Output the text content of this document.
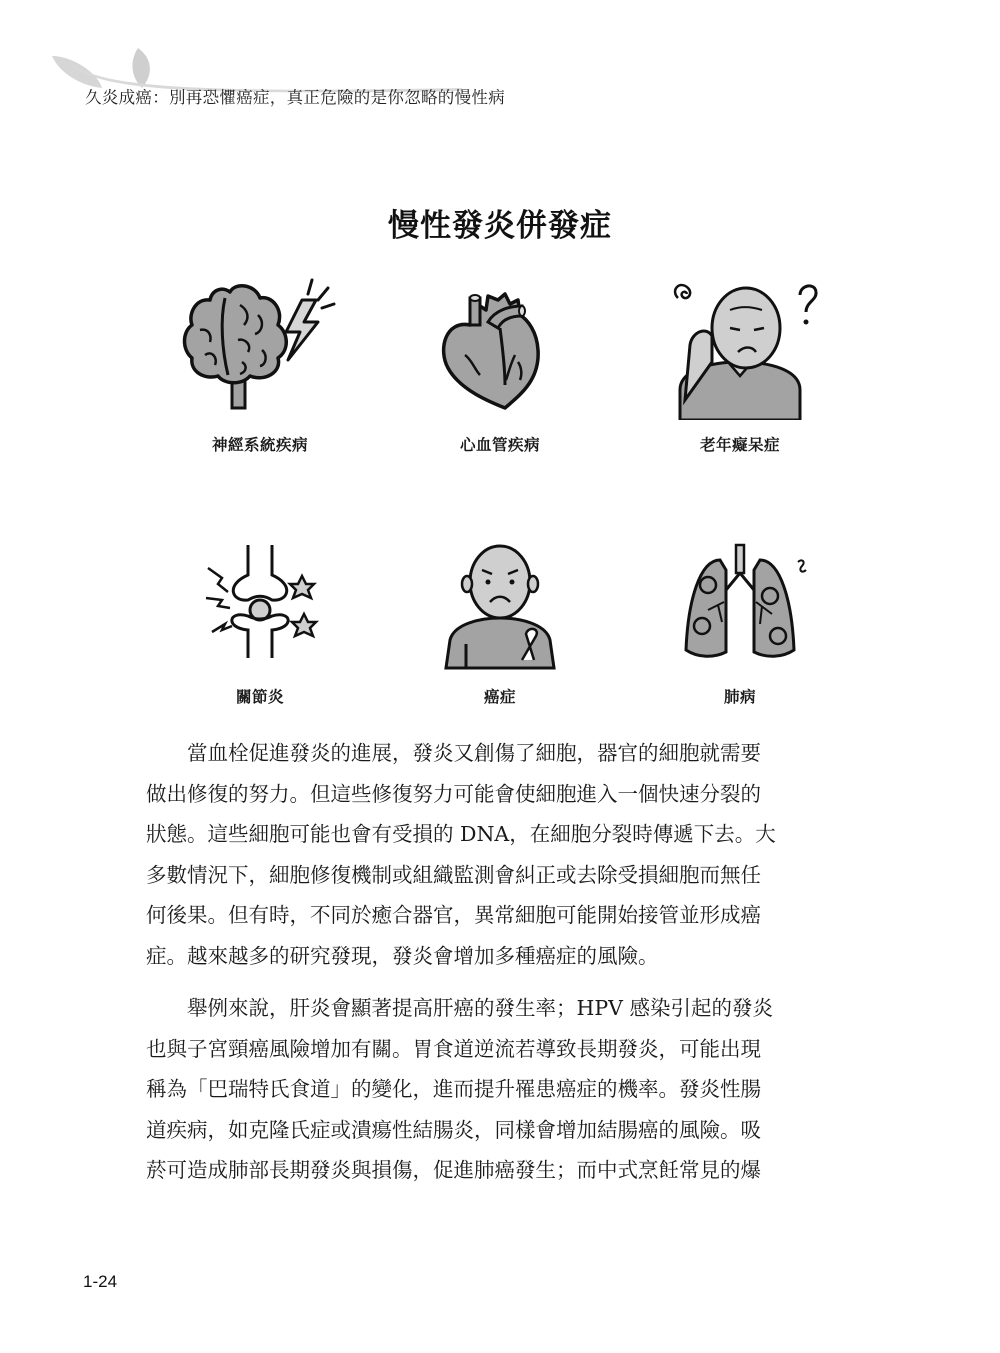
久炎成癌：別再恐懼癌症，真正危險的是你忽略的慢性病
慢性發炎併發症
神經系統疾病	心血管疾病	老年癡呆症
關節炎	癌症	肺病

　　當血栓促進發炎的進展，發炎又創傷了細胞，器官的細胞就需要
做出修復的努力。但這些修復努力可能會使細胞進入一個快速分裂的
狀態。這些細胞可能也會有受損的 DNA，在細胞分裂時傳遞下去。大
多數情況下，細胞修復機制或組織監測會糾正或去除受損細胞而無任
何後果。但有時，不同於癒合器官，異常細胞可能開始接管並形成癌
症。越來越多的研究發現，發炎會增加多種癌症的風險。

　　舉例來說，肝炎會顯著提高肝癌的發生率；HPV 感染引起的發炎
也與子宮頸癌風險增加有關。胃食道逆流若導致長期發炎，可能出現
稱為「巴瑞特氏食道」的變化，進而提升罹患癌症的機率。發炎性腸
道疾病，如克隆氏症或潰瘍性結腸炎，同樣會增加結腸癌的風險。吸
菸可造成肺部長期發炎與損傷，促進肺癌發生；而中式烹飪常見的爆

1-24
